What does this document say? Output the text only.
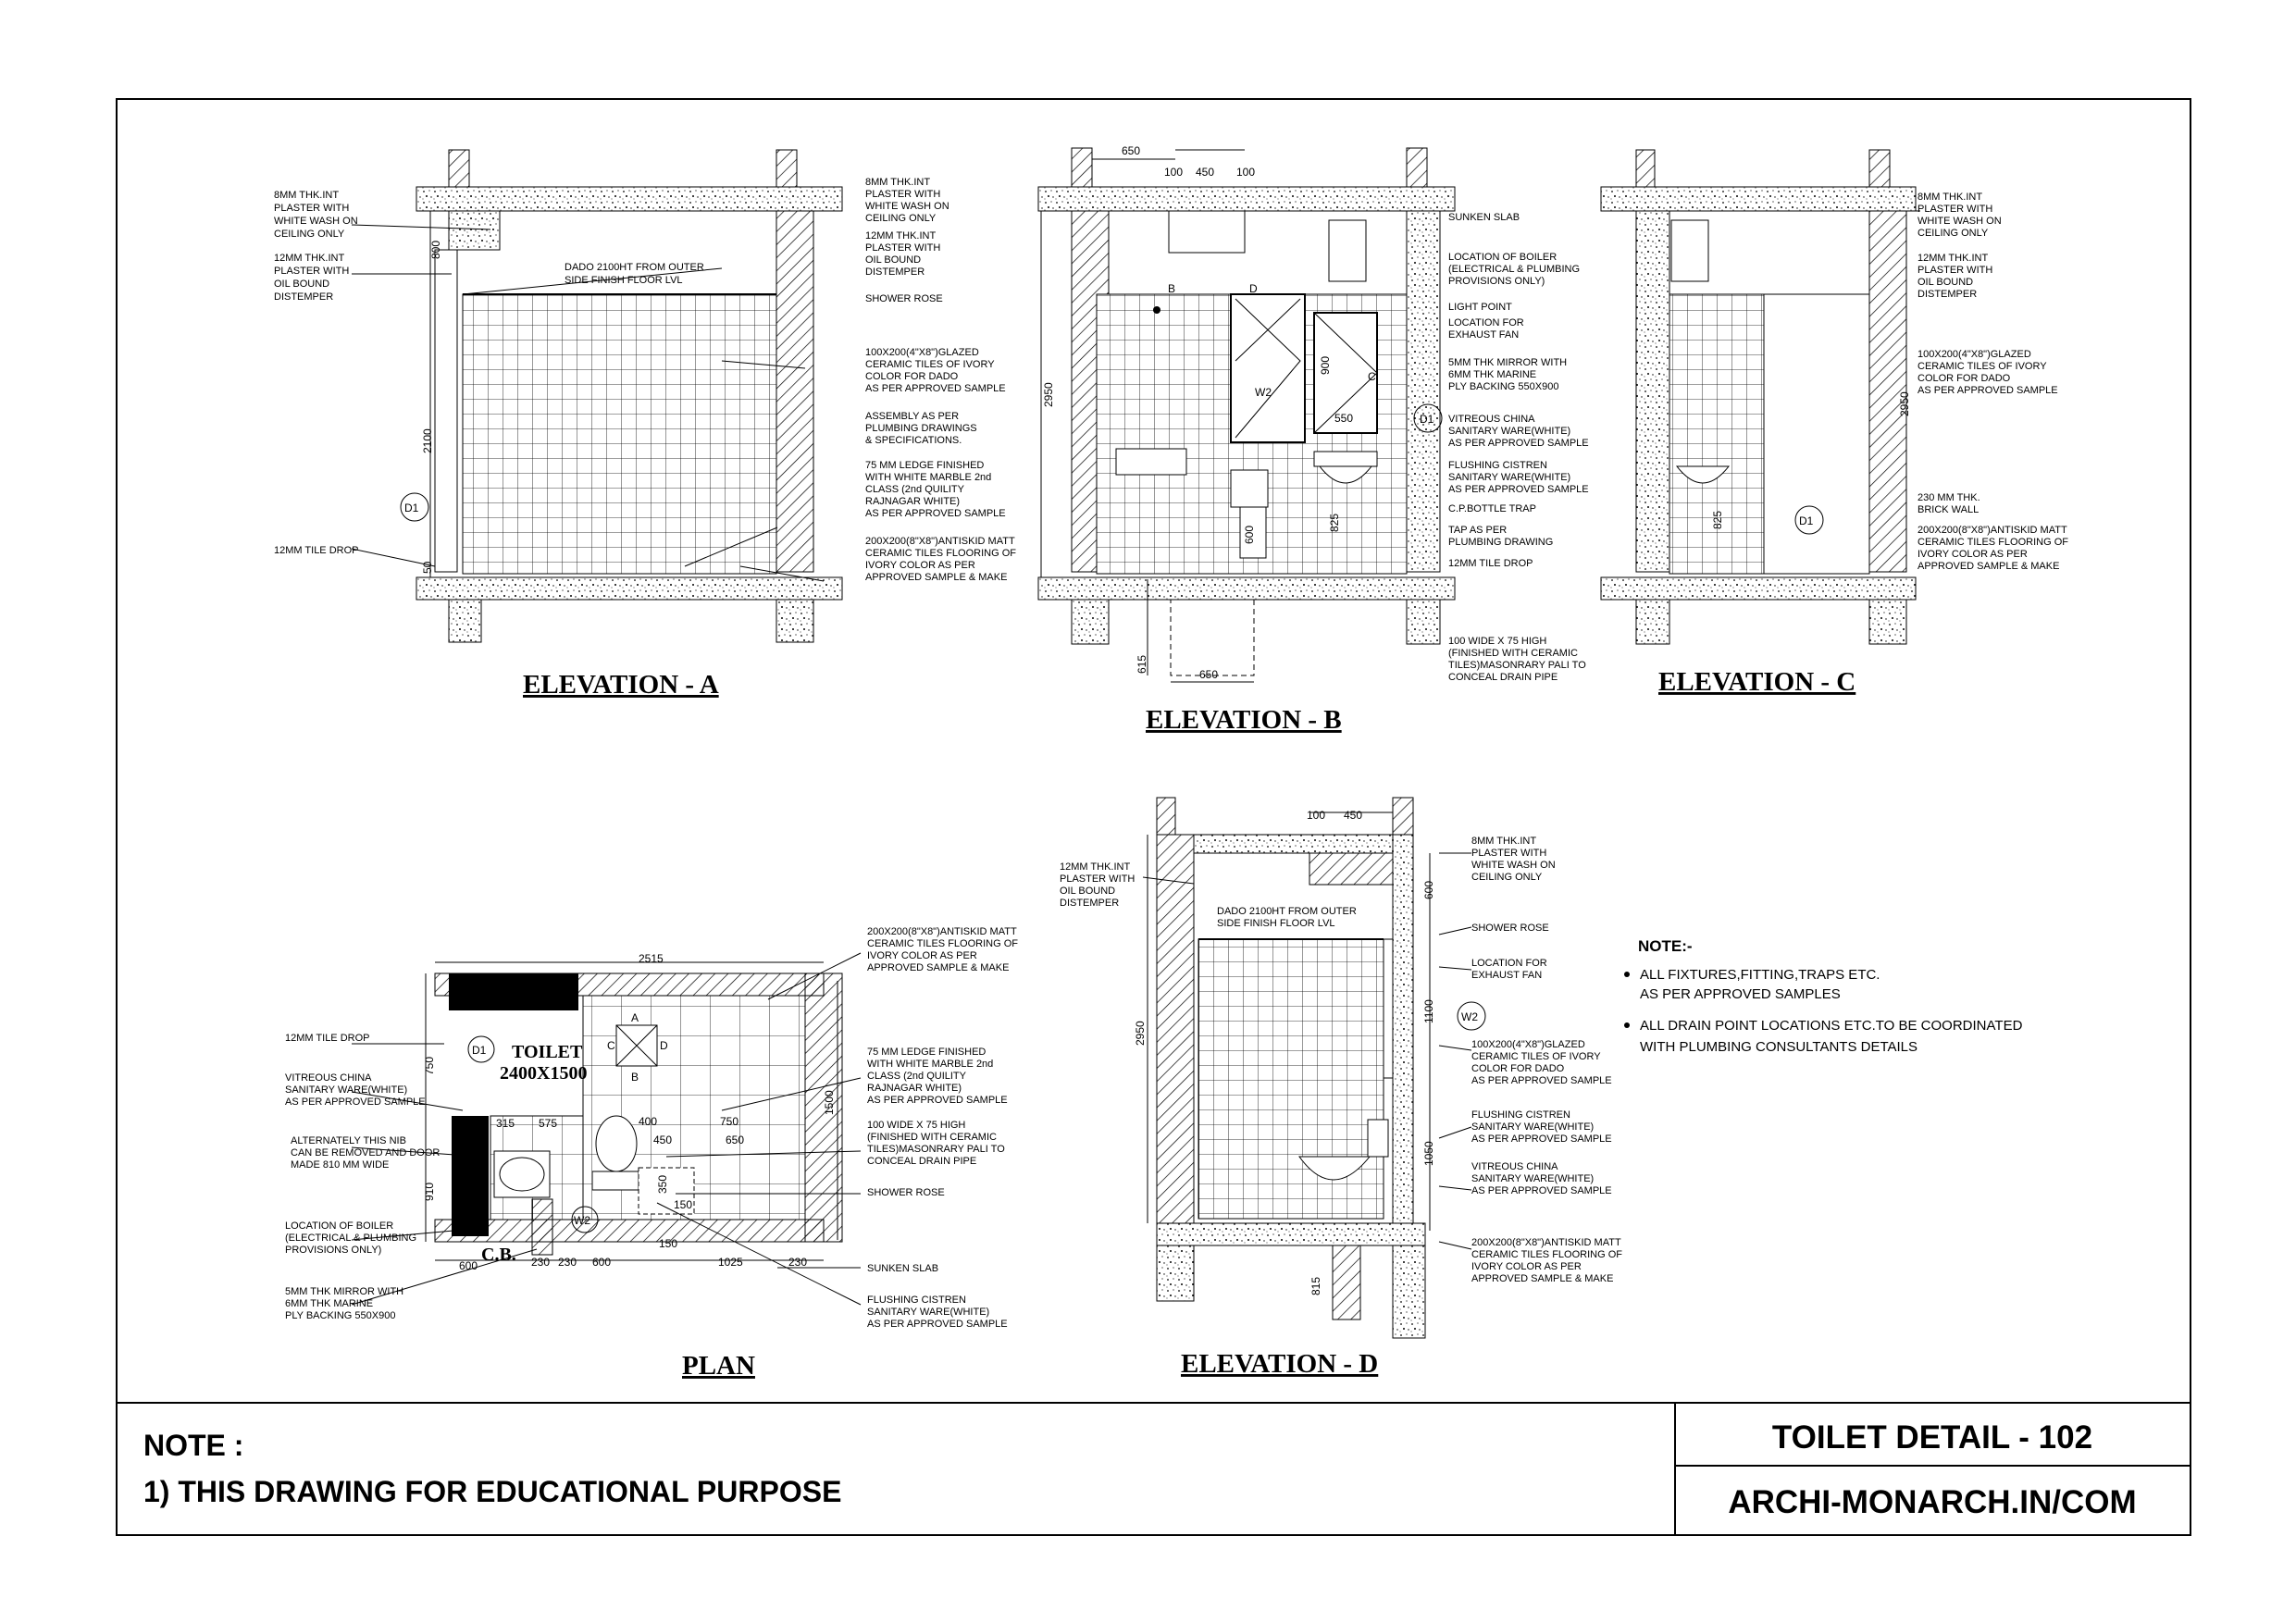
8MM THK.INT
PLASTER WITH
WHITE WASH ON
CEILING ONLY
12MM THK.INT
PLASTER WITH
OIL BOUND
DISTEMPER
DADO 2100HT FROM OUTER
SIDE FINISH FLOOR LVL
12MM TILE DROP
800
2100
50
D1
ELEVATION - A
8MM THK.INT
PLASTER WITH
WHITE WASH ON
CEILING ONLY
12MM THK.INT
PLASTER WITH
OIL BOUND
DISTEMPER
SHOWER ROSE
100X200(4"X8")GLAZED
CERAMIC TILES OF IVORY
COLOR FOR DADO
AS PER APPROVED SAMPLE
ASSEMBLY AS PER
PLUMBING DRAWINGS
& SPECIFICATIONS.
75 MM LEDGE FINISHED
WITH WHITE MARBLE 2nd
CLASS (2nd QUILITY
RAJNAGAR WHITE)
AS PER APPROVED SAMPLE
200X200(8"X8")ANTISKID MATT
CERAMIC TILES FLOORING OF
IVORY COLOR AS PER
APPROVED SAMPLE & MAKE
SUNKEN SLAB
LOCATION OF BOILER
(ELECTRICAL & PLUMBING
PROVISIONS ONLY)
LIGHT POINT
LOCATION FOR
EXHAUST FAN
5MM THK MIRROR WITH
6MM THK MARINE
PLY BACKING 550X900
VITREOUS CHINA
SANITARY WARE(WHITE)
AS PER APPROVED SAMPLE
FLUSHING CISTREN
SANITARY WARE(WHITE)
AS PER APPROVED SAMPLE
C.P.BOTTLE TRAP
TAP AS PER
PLUMBING DRAWING
12MM TILE DROP
100 WIDE X 75 HIGH
(FINISHED WITH CERAMIC
TILES)MASONRARY PALI TO
CONCEAL DRAIN PIPE
650
100 450 100
2950
900
550
825
600
615
650
W2
D1
B	D
C
ELEVATION - B
8MM THK.INT
PLASTER WITH
WHITE WASH ON
CEILING ONLY
12MM THK.INT
PLASTER WITH
OIL BOUND
DISTEMPER
100X200(4"X8")GLAZED
CERAMIC TILES OF IVORY
COLOR FOR DADO
AS PER APPROVED SAMPLE
230 MM THK.
BRICK WALL
200X200(8"X8")ANTISKID MATT
CERAMIC TILES FLOORING OF
IVORY COLOR AS PER
APPROVED SAMPLE & MAKE
2950
825	D1
ELEVATION - C
TOILET
2400X1500
12MM TILE DROP
VITREOUS CHINA
SANITARY WARE(WHITE)
AS PER APPROVED SAMPLE
ALTERNATELY THIS NIB
CAN BE REMOVED AND DOOR
MADE 810 MM WIDE
LOCATION OF BOILER
(ELECTRICAL & PLUMBING
PROVISIONS ONLY)
5MM THK MIRROR WITH
6MM THK MARINE
PLY BACKING 550X900
200X200(8"X8")ANTISKID MATT
CERAMIC TILES FLOORING OF
IVORY COLOR AS PER
APPROVED SAMPLE & MAKE
75 MM LEDGE FINISHED
WITH WHITE MARBLE 2nd
CLASS (2nd QUILITY
RAJNAGAR WHITE)
AS PER APPROVED SAMPLE
100 WIDE X 75 HIGH
(FINISHED WITH CERAMIC
TILES)MASONRARY PALI TO
CONCEAL DRAIN PIPE
SHOWER ROSE
SUNKEN SLAB
FLUSHING CISTREN
SANITARY WARE(WHITE)
AS PER APPROVED SAMPLE
2515
1500
750
910
315 575	400	750
450	650
350
150
600	230	600	1025	230
230
150
D1
W2
C.B.
A
B
C	D
PLAN
12MM THK.INT
PLASTER WITH
OIL BOUND
DISTEMPER
DADO 2100HT FROM OUTER
SIDE FINISH FLOOR LVL
8MM THK.INT
PLASTER WITH
WHITE WASH ON
CEILING ONLY
SHOWER ROSE
LOCATION FOR
EXHAUST FAN
100X200(4"X8")GLAZED
CERAMIC TILES OF IVORY
COLOR FOR DADO
AS PER APPROVED SAMPLE
FLUSHING CISTREN
SANITARY WARE(WHITE)
AS PER APPROVED SAMPLE
VITREOUS CHINA
SANITARY WARE(WHITE)
AS PER APPROVED SAMPLE
200X200(8"X8")ANTISKID MATT
CERAMIC TILES FLOORING OF
IVORY COLOR AS PER
APPROVED SAMPLE & MAKE
100 450
600
2950
1100
1050
815
W2
ELEVATION - D
NOTE:-
ALL FIXTURES,FITTING,TRAPS ETC.
AS PER APPROVED SAMPLES
ALL DRAIN POINT LOCATIONS ETC.TO BE COORDINATED
WITH PLUMBING CONSULTANTS DETAILS
NOTE :
1) THIS DRAWING FOR EDUCATIONAL PURPOSE
TOILET DETAIL - 102
ARCHI-MONARCH.IN/COM
